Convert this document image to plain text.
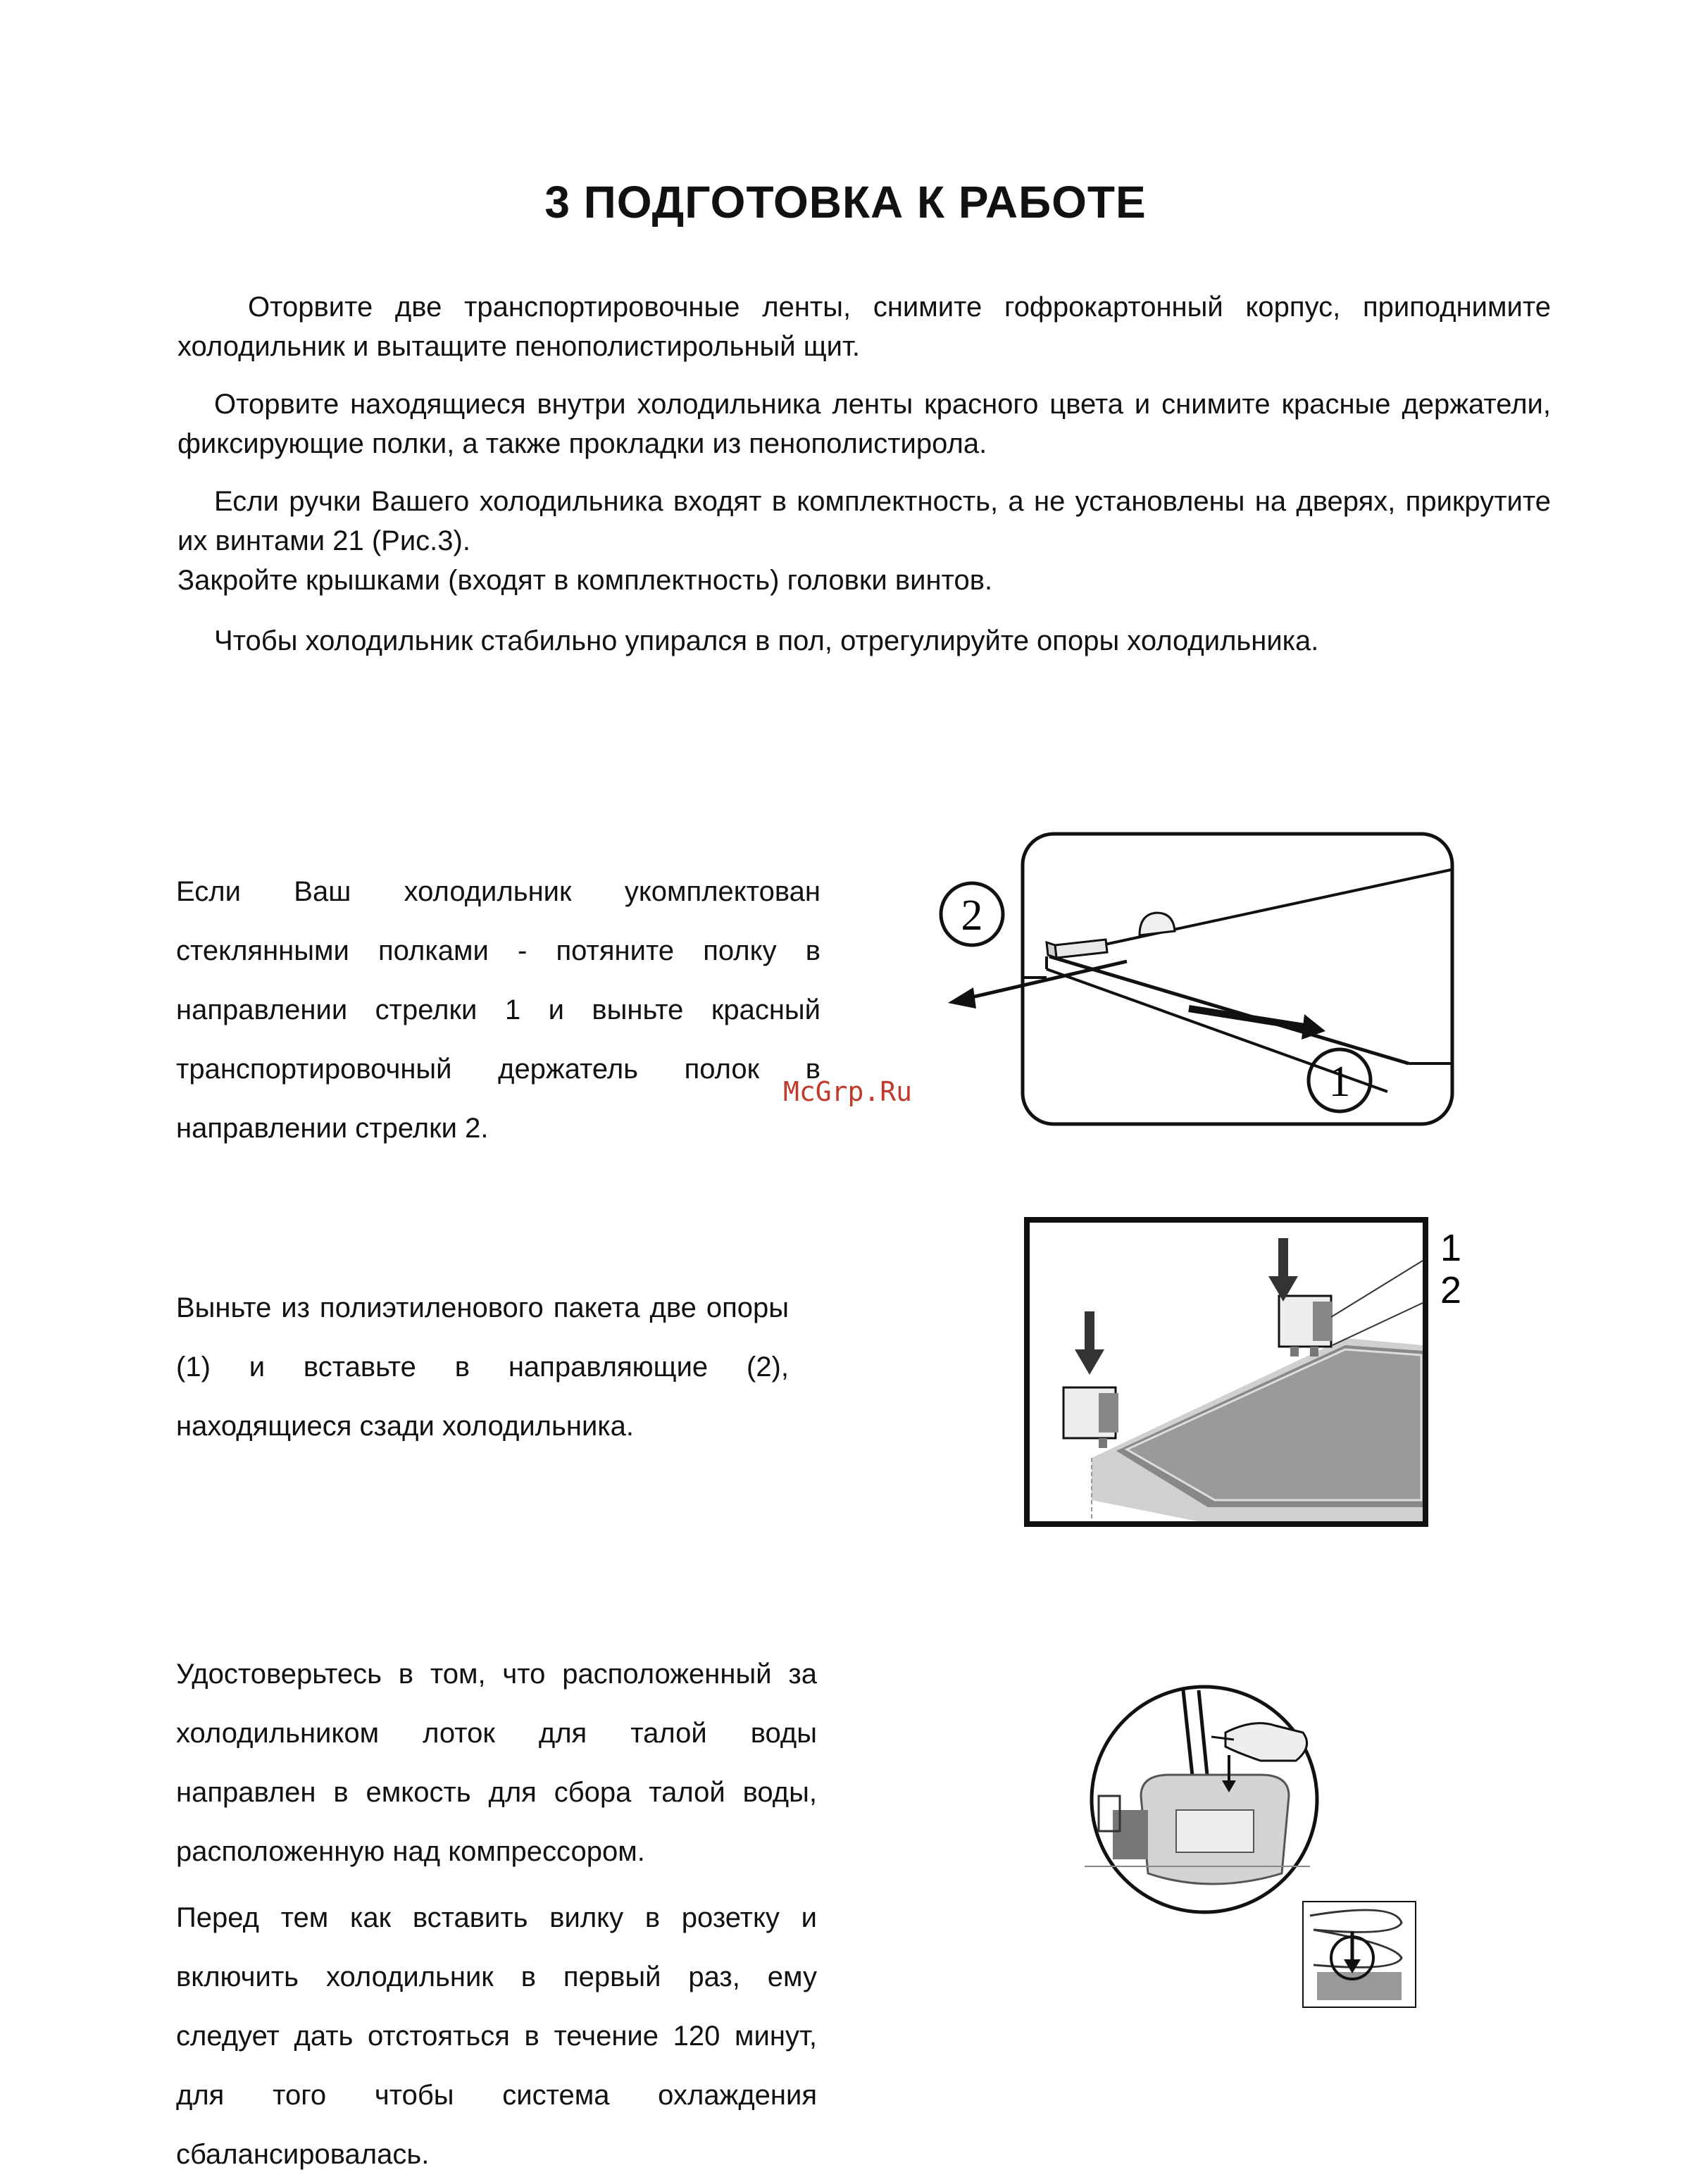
3 ПОДГОТОВКА К РАБОТЕ

Оторвите две транспортировочные ленты, снимите гофрокартонный корпус, приподнимите холодильник и вытащите пенополистирольный щит.

Оторвите находящиеся внутри холодильника ленты красного цвета и снимите красные держатели, фиксирующие полки, а также прокладки из пенополистирола.

Если ручки Вашего холодильника входят в комплектность, а не установлены на дверях, прикрутите их винтами 21 (Рис.3).

Закройте крышками (входят в комплектность) головки винтов.

Чтобы холодильник стабильно упирался в пол, отрегулируйте опоры холодильника.

Если Ваш холодильник укомплектован стеклянными полками - потяните полку в направлении стрелки 1 и выньте красный транспортировочный держатель полок в направлении стрелки 2.

2
1
McGrp.Ru

Выньте из полиэтиленового пакета две опоры (1) и вставьте в направляющие (2), находящиеся сзади холодильника.

1
2

Удостоверьтесь в том, что расположенный за холодильником лоток для талой воды направлен в емкость для сбора талой воды, расположенную над компрессором.

Перед тем как вставить вилку в розетку и включить холодильник в первый раз, ему следует дать отстояться в течение 120 минут, для того чтобы система охлаждения сбалансировалась.
